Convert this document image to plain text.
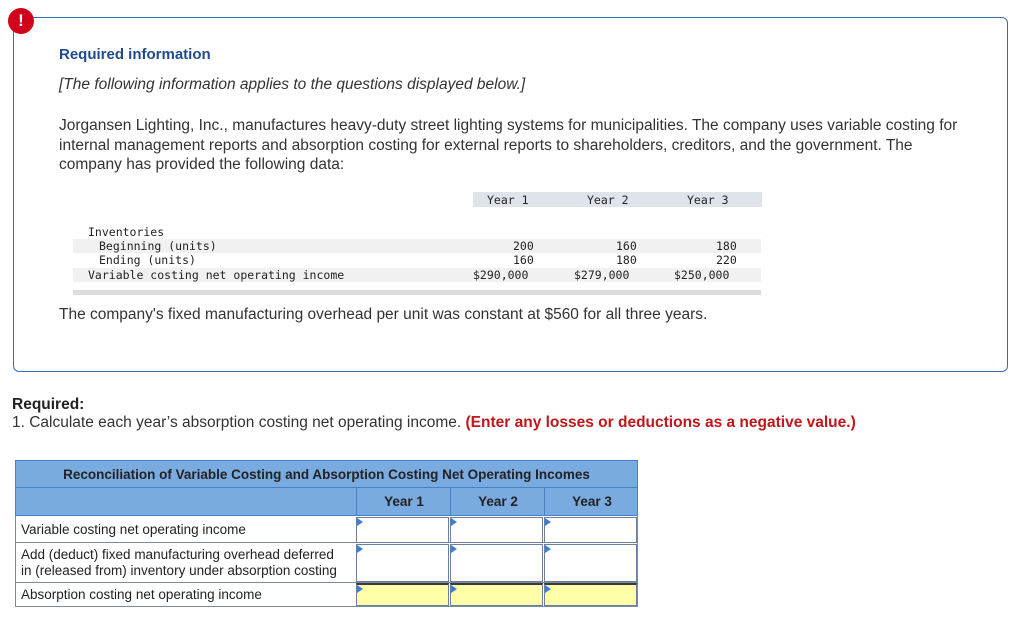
!
Required information
[The following information applies to the questions displayed below.]
Jorgansen Lighting, Inc., manufactures heavy-duty street lighting systems for municipalities. The company uses variable costing for internal management reports and absorption costing for external reports to shareholders, creditors, and the government. The company has provided the following data:
Year 1	Year 2	Year 3
Inventories
Beginning (units)	200	160	180
Ending (units)	160	180	220
Variable costing net operating income	$290,000	$279,000	$250,000
The company's fixed manufacturing overhead per unit was constant at $560 for all three years.
Required:
1. Calculate each year’s absorption costing net operating income. (Enter any losses or deductions as a negative value.)
Reconciliation of Variable Costing and Absorption Costing Net Operating Incomes
Year 1	Year 2	Year 3
Variable costing net operating income
Add (deduct) fixed manufacturing overhead deferred
in (released from) inventory under absorption costing
Absorption costing net operating income
